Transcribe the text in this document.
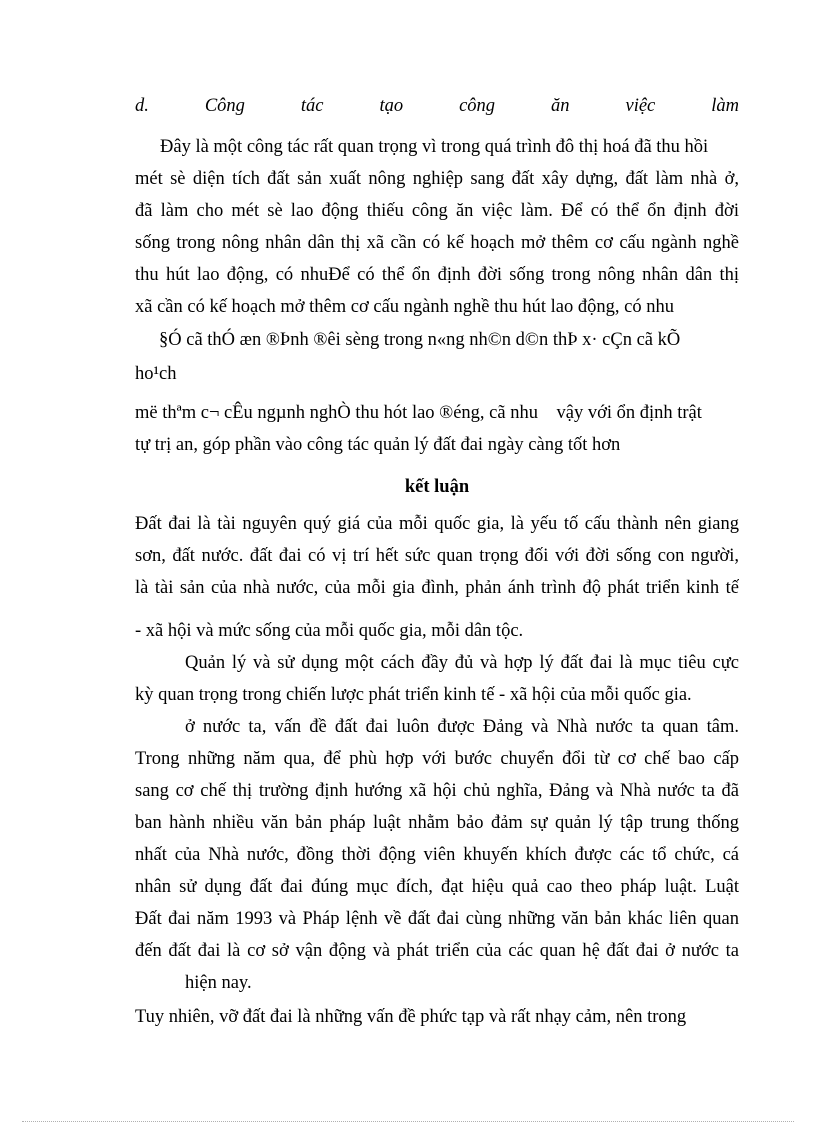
d.	Công	tác	tạo	công	ăn	việc	làm
Đây là một công tác rất quan trọng vì trong quá trình đô thị hoá đã thu hồi
mét sè diện tích đất sản xuất nông nghiệp sang đất xây dựng, đất làm nhà ở,
đã làm cho mét sè lao động thiếu công ăn việc làm. Để có thể ổn định đời
sống trong nông nhân dân thị xã cần có kế hoạch mở thêm cơ cấu ngành nghề
thu hút lao động, có nhuĐể có thể ổn định đời sống trong nông nhân dân thị
xã cần có kế hoạch mở thêm cơ cấu ngành nghề thu hút lao động, có nhu
§Ó cã thÓ æn ®Þnh ®êi sèng trong n«ng nh©n d©n thÞ x· cÇn cã kÕ
ho¹ch
më thªm c¬ cÊu ngµnh nghÒ thu hót lao ®éng, cã nhu    vậy với ổn định trật
tự trị an, góp phần vào công tác quản lý đất đai ngày càng tốt hơn
kết luận
Đất đai là tài nguyên quý giá của mỗi quốc gia, là yếu tố cấu thành nên giang
sơn, đất nước. đất đai có vị trí hết sức quan trọng đối với đời sống con người,
là tài sản của nhà nước, của mỗi gia đình, phản ánh trình độ phát triển kinh tế
- xã hội và mức sống của mỗi quốc gia, mỗi dân tộc.
Quản lý và sử dụng một cách đầy đủ và hợp lý đất đai là mục tiêu cực
kỳ quan trọng trong chiến lược phát triển kinh tế - xã hội của mỗi quốc gia.
ở nước ta, vấn đề đất đai luôn được Đảng và Nhà nước ta quan tâm.
Trong những năm qua, để phù hợp với bước chuyển đổi từ cơ chế bao cấp
sang cơ chế thị trường định hướng xã hội chủ nghĩa, Đảng và Nhà nước ta đã
ban hành nhiều văn bản pháp luật nhằm bảo đảm sự quản lý tập trung thống
nhất của Nhà nước, đồng thời động viên khuyến khích được các tổ chức, cá
nhân sử dụng đất đai đúng mục đích, đạt hiệu quả cao theo pháp luật. Luật
Đất đai năm 1993 và Pháp lệnh về đất đai cùng những văn bản khác liên quan
đến đất đai là cơ sở vận động và phát triển của các quan hệ đất đai ở nước ta
hiện nay.
Tuy nhiên, vỡ đất đai là những vấn đề phức tạp và rất nhạy cảm, nên trong
